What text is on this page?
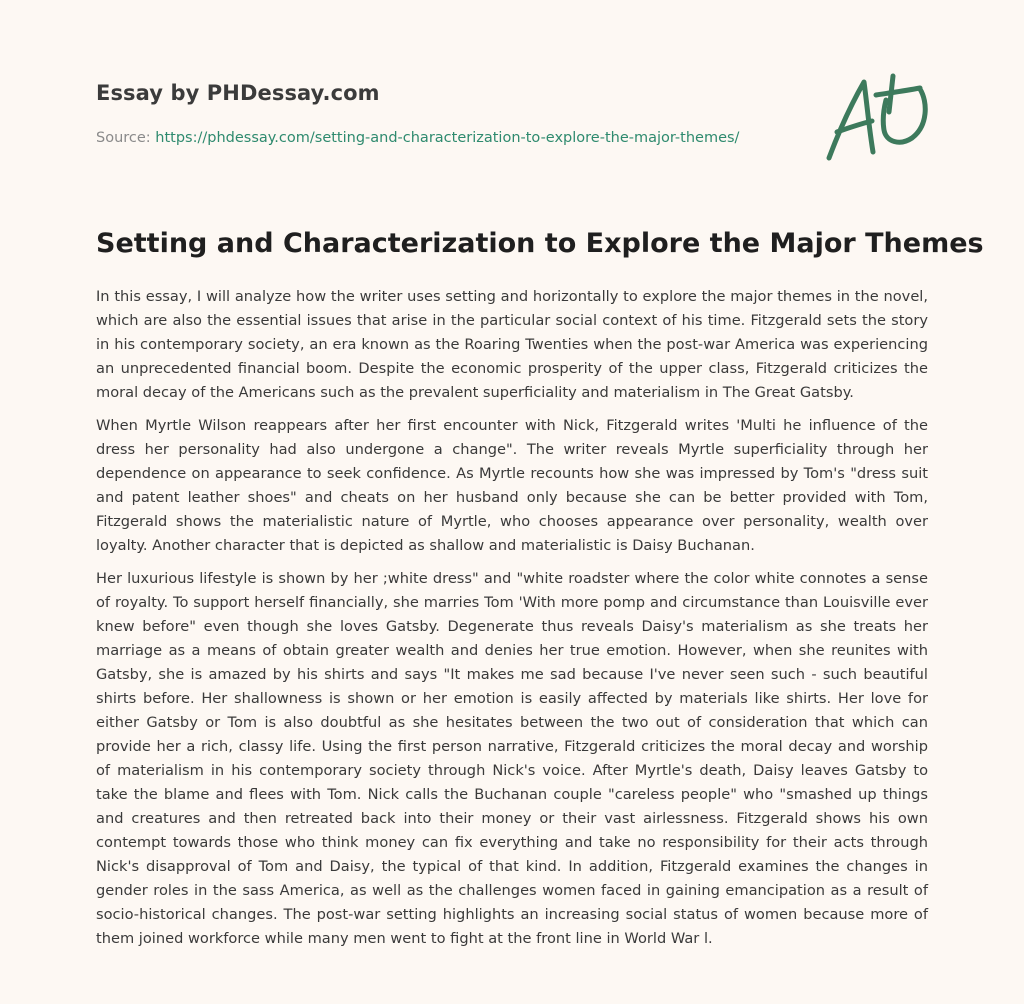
Essay by PHDessay.com
Source: https://phdessay.com/setting-and-characterization-to-explore-the-major-themes/
Setting and Characterization to Explore the Major Themes

In this essay, I will analyze how the writer uses setting and horizontally to explore the major themes in the novel, which are also the essential issues that arise in the particular social context of his time. Fitzgerald sets the story in his contemporary society, an era known as the Roaring Twenties when the post-war America was experiencing an unprecedented financial boom. Despite the economic prosperity of the upper class, Fitzgerald criticizes the moral decay of the Americans such as the prevalent superficiality and materialism in The Great Gatsby.

When Myrtle Wilson reappears after her first encounter with Nick, Fitzgerald writes 'Multi he influence of the dress her personality had also undergone a change". The writer reveals Myrtle superficiality through her dependence on appearance to seek confidence. As Myrtle recounts how she was impressed by Tom's "dress suit and patent leather shoes" and cheats on her husband only because she can be better provided with Tom, Fitzgerald shows the materialistic nature of Myrtle, who chooses appearance over personality, wealth over loyalty. Another character that is depicted as shallow and materialistic is Daisy Buchanan.

Her luxurious lifestyle is shown by her ;white dress" and "white roadster where the color white connotes a sense of royalty. To support herself financially, she marries Tom 'With more pomp and circumstance than Louisville ever knew before" even though she loves Gatsby. Degenerate thus reveals Daisy's materialism as she treats her marriage as a means of obtain greater wealth and denies her true emotion. However, when she reunites with Gatsby, she is amazed by his shirts and says "It makes me sad because I've never seen such - such beautiful shirts before. Her shallowness is shown or her emotion is easily affected by materials like shirts. Her love for either Gatsby or Tom is also doubtful as she hesitates between the two out of consideration that which can provide her a rich, classy life. Using the first person narrative, Fitzgerald criticizes the moral decay and worship of materialism in his contemporary society through Nick's voice. After Myrtle's death, Daisy leaves Gatsby to take the blame and flees with Tom. Nick calls the Buchanan couple "careless people" who "smashed up things and creatures and then retreated back into their money or their vast airlessness. Fitzgerald shows his own contempt towards those who think money can fix everything and take no responsibility for their acts through Nick's disapproval of Tom and Daisy, the typical of that kind. In addition, Fitzgerald examines the changes in gender roles in the sass America, as well as the challenges women faced in gaining emancipation as a result of socio-historical changes. The post-war setting highlights an increasing social status of women because more of them joined workforce while many men went to fight at the front line in World War l.
